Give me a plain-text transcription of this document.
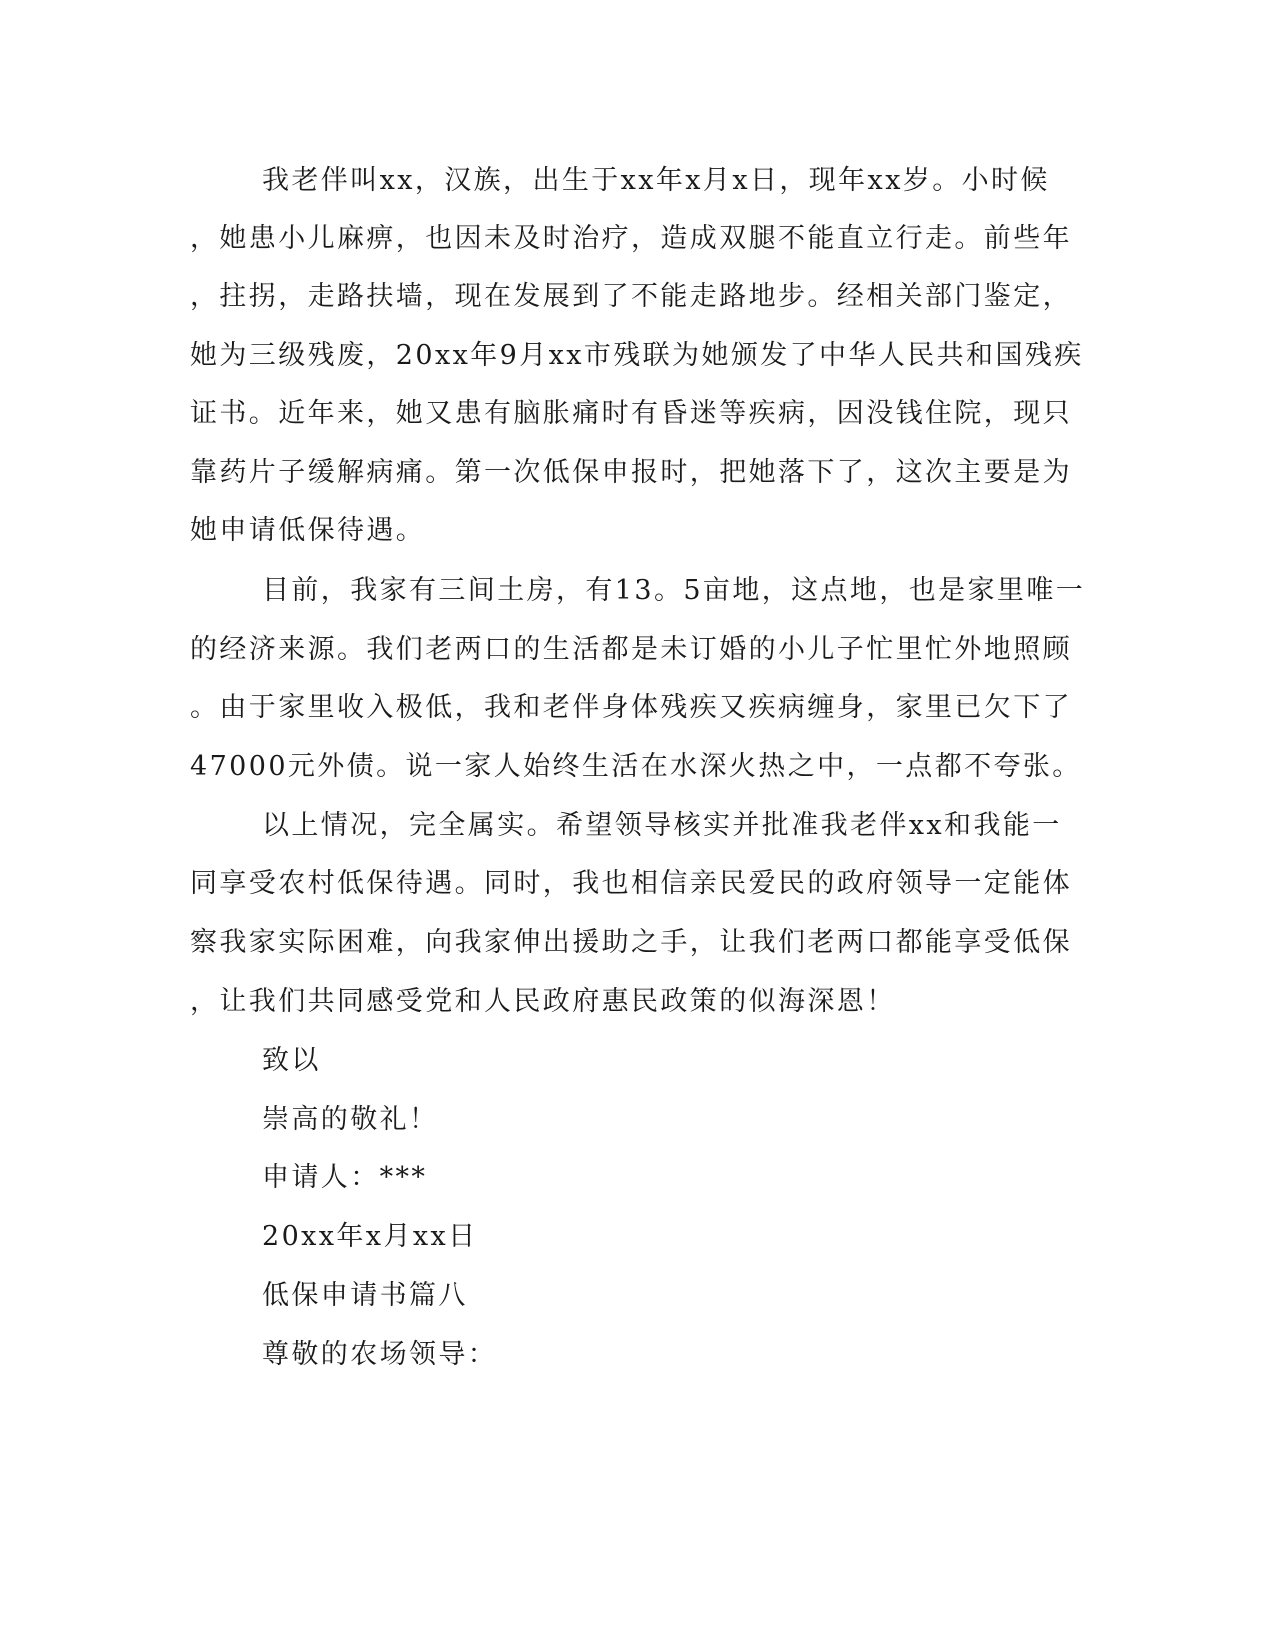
我老伴叫xx，汉族，出生于xx年x月x日，现年xx岁。小时候
，她患小儿麻痹，也因未及时治疗，造成双腿不能直立行走。前些年
，拄拐，走路扶墙，现在发展到了不能走路地步。经相关部门鉴定，
她为三级残废，20xx年9月xx市残联为她颁发了中华人民共和国残疾
证书。近年来，她又患有脑胀痛时有昏迷等疾病，因没钱住院，现只
靠药片子缓解病痛。第一次低保申报时，把她落下了，这次主要是为
她申请低保待遇。
目前，我家有三间土房，有13。5亩地，这点地，也是家里唯一
的经济来源。我们老两口的生活都是未订婚的小儿子忙里忙外地照顾
。由于家里收入极低，我和老伴身体残疾又疾病缠身，家里已欠下了
47000元外债。说一家人始终生活在水深火热之中，一点都不夸张。
以上情况，完全属实。希望领导核实并批准我老伴xx和我能一
同享受农村低保待遇。同时，我也相信亲民爱民的政府领导一定能体
察我家实际困难，向我家伸出援助之手，让我们老两口都能享受低保
，让我们共同感受党和人民政府惠民政策的似海深恩！
致以
崇高的敬礼！
申请人：***
20xx年x月xx日
低保申请书篇八
尊敬的农场领导：
